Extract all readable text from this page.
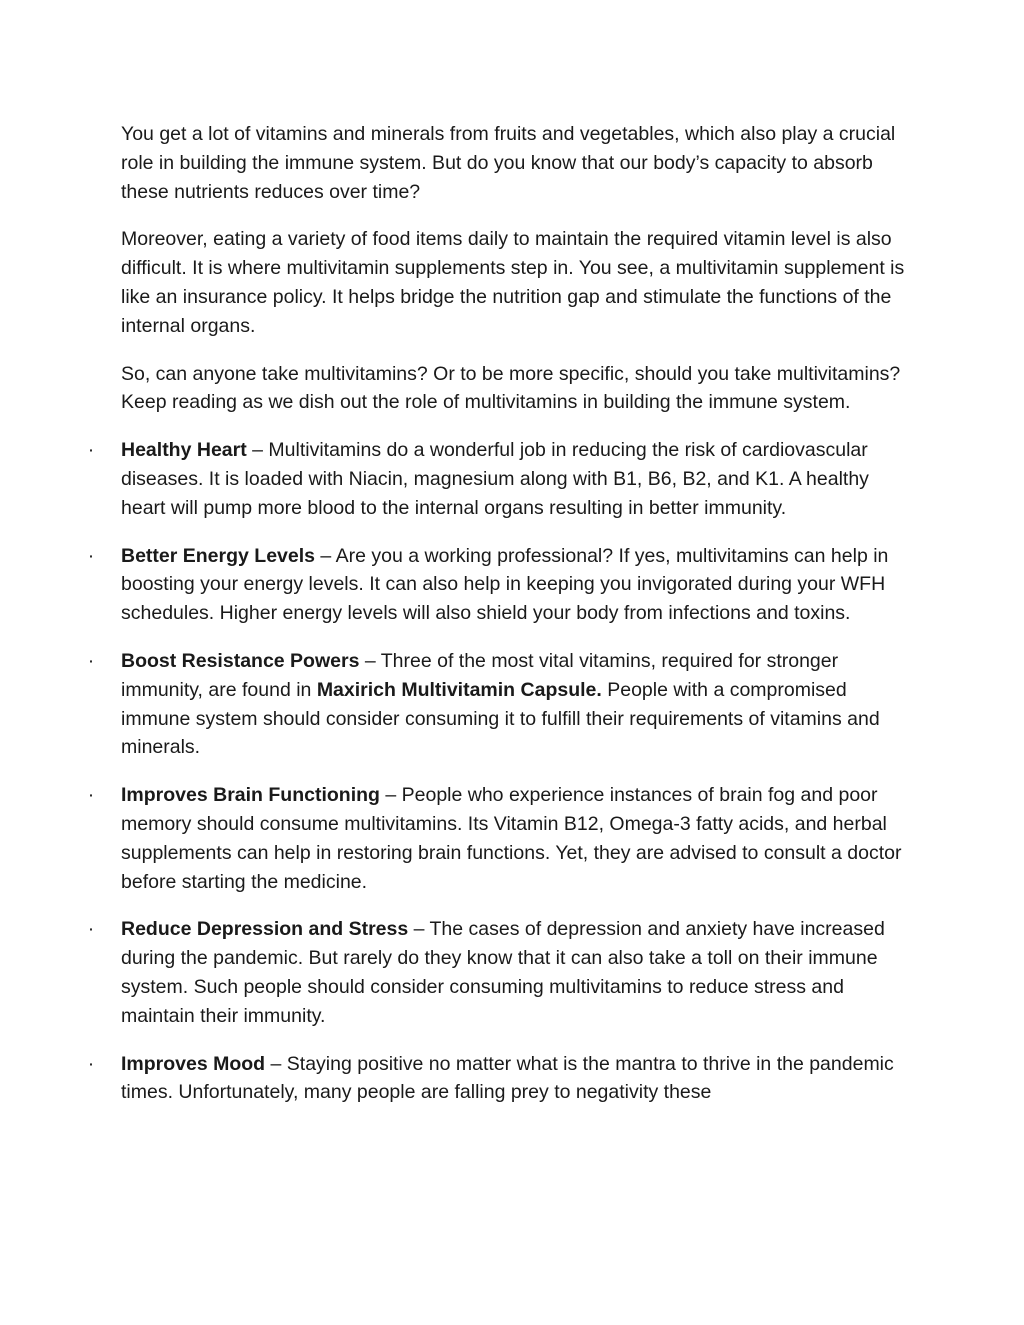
You get a lot of vitamins and minerals from fruits and vegetables, which also play a crucial role in building the immune system. But do you know that our body’s capacity to absorb these nutrients reduces over time?

Moreover, eating a variety of food items daily to maintain the required vitamin level is also difficult. It is where multivitamin supplements step in. You see, a multivitamin supplement is like an insurance policy. It helps bridge the nutrition gap and stimulate the functions of the internal organs.

So, can anyone take multivitamins? Or to be more specific, should you take multivitamins? Keep reading as we dish out the role of multivitamins in building the immune system.

· Healthy Heart – Multivitamins do a wonderful job in reducing the risk of cardiovascular diseases. It is loaded with Niacin, magnesium along with B1, B6, B2, and K1. A healthy heart will pump more blood to the internal organs resulting in better immunity.
· Better Energy Levels – Are you a working professional? If yes, multivitamins can help in boosting your energy levels. It can also help in keeping you invigorated during your WFH schedules. Higher energy levels will also shield your body from infections and toxins.
· Boost Resistance Powers – Three of the most vital vitamins, required for stronger immunity, are found in Maxirich Multivitamin Capsule. People with a compromised immune system should consider consuming it to fulfill their requirements of vitamins and minerals.
· Improves Brain Functioning – People who experience instances of brain fog and poor memory should consume multivitamins. Its Vitamin B12, Omega-3 fatty acids, and herbal supplements can help in restoring brain functions. Yet, they are advised to consult a doctor before starting the medicine.
· Reduce Depression and Stress – The cases of depression and anxiety have increased during the pandemic. But rarely do they know that it can also take a toll on their immune system. Such people should consider consuming multivitamins to reduce stress and maintain their immunity.
· Improves Mood – Staying positive no matter what is the mantra to thrive in the pandemic times. Unfortunately, many people are falling prey to negativity these
